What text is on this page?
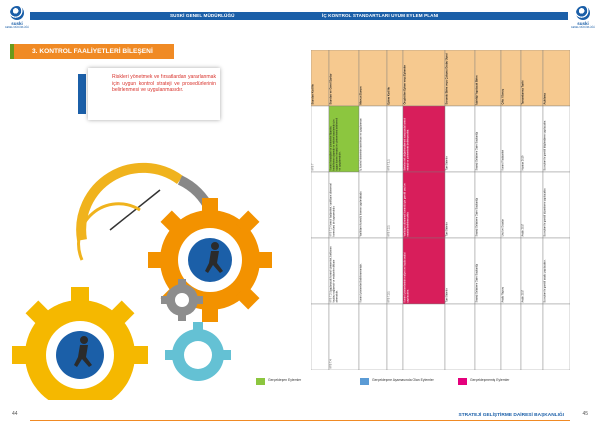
suski
GENEL MÜDÜRLÜĞÜ
suski
GENEL MÜDÜRLÜĞÜ
SUSKİ GENEL MÜDÜRLÜĞÜ	İÇ KONTROL STANDARTLARI UYUM EYLEM PLANI
3. KONTROL FAALİYETLERİ BİLEŞENİ

Riskleri yönetmek ve fırsatlardan yararlanmak için uygun kontrol strateji ve prosedürlerinin belirlenmesi ve uygulanmasıdır.	Standart Kod No	Standart ve Genel Şartlar	Mevcut Durum	Eylem Kod No	Öngörülen Eylem veya Eylemler	Sorumlu Birim veya Çalışma Grubu Üyesi	İşbirliği Yapılacak Birim	Çıktı / Sonuç	Tamamlanma Tarihi	Açıklama
KFS 7	Kontrol stratejileri ve yöntemleri İdareler, hedeflerine ulaşmak ve riskleri karşılamak için uygun kontrol strateji ve yöntemlerini belirlemeli ve uygulamalıdır.	İç kontrol sisteminin tanıtılması ve uygulanması	KFS 7.1.1	Birimler risk değerlendirmesi sonucunda kontrol strateji ve yöntemlerini belirleyecektir.	Tüm Birimler	Strateji Geliştirme Daire Başkanlığı	Kontrol Faaliyetleri	Haziran 2019	Bu eylem ile gerekli bilgilendirme yapılacaktır.
KFS 7.2 Kontrol faaliyetleri, varlıkların dönemsel kontrolünü de kapsamalıdır.	Varlıkların kontrolü kısmen yapılmaktadır.	KFS 7.2.1	Varlıkların dönemsel kontrolü için gerekli usul ve esaslar belirlenecektir.	Tüm Birimler	Strateji Geliştirme Daire Başkanlığı	Usul ve Esaslar	Aralık 2017	Bu eylem ile gerekli düzenleme yapılacaktır.
KFS 7.3 Uygulanacak kontrol yöntemleri, beklenen faydayı sağlamalı ve maliyetler dikkate alınmalıdır.	Kontrol yöntemleri belirlenmemiştir.	KFS 7.3.1	Kontrol yöntemlerinin maliyet ve fayda analizi yapılacaktır.	Tüm Birimler	Strateji Geliştirme Daire Başkanlığı	Analiz Raporu	Aralık 2017	Bu eylem ile gerekli analiz yapılacaktır.
KFS 7.4
Gerçekleşen Eylemler	Gerçekleşme Aşamasında Olan Eylemler	Gerçekleşmemiş Eylemler
44	45
STRATEJİ GELİŞTİRME DAİRESİ BAŞKANLIĞI
